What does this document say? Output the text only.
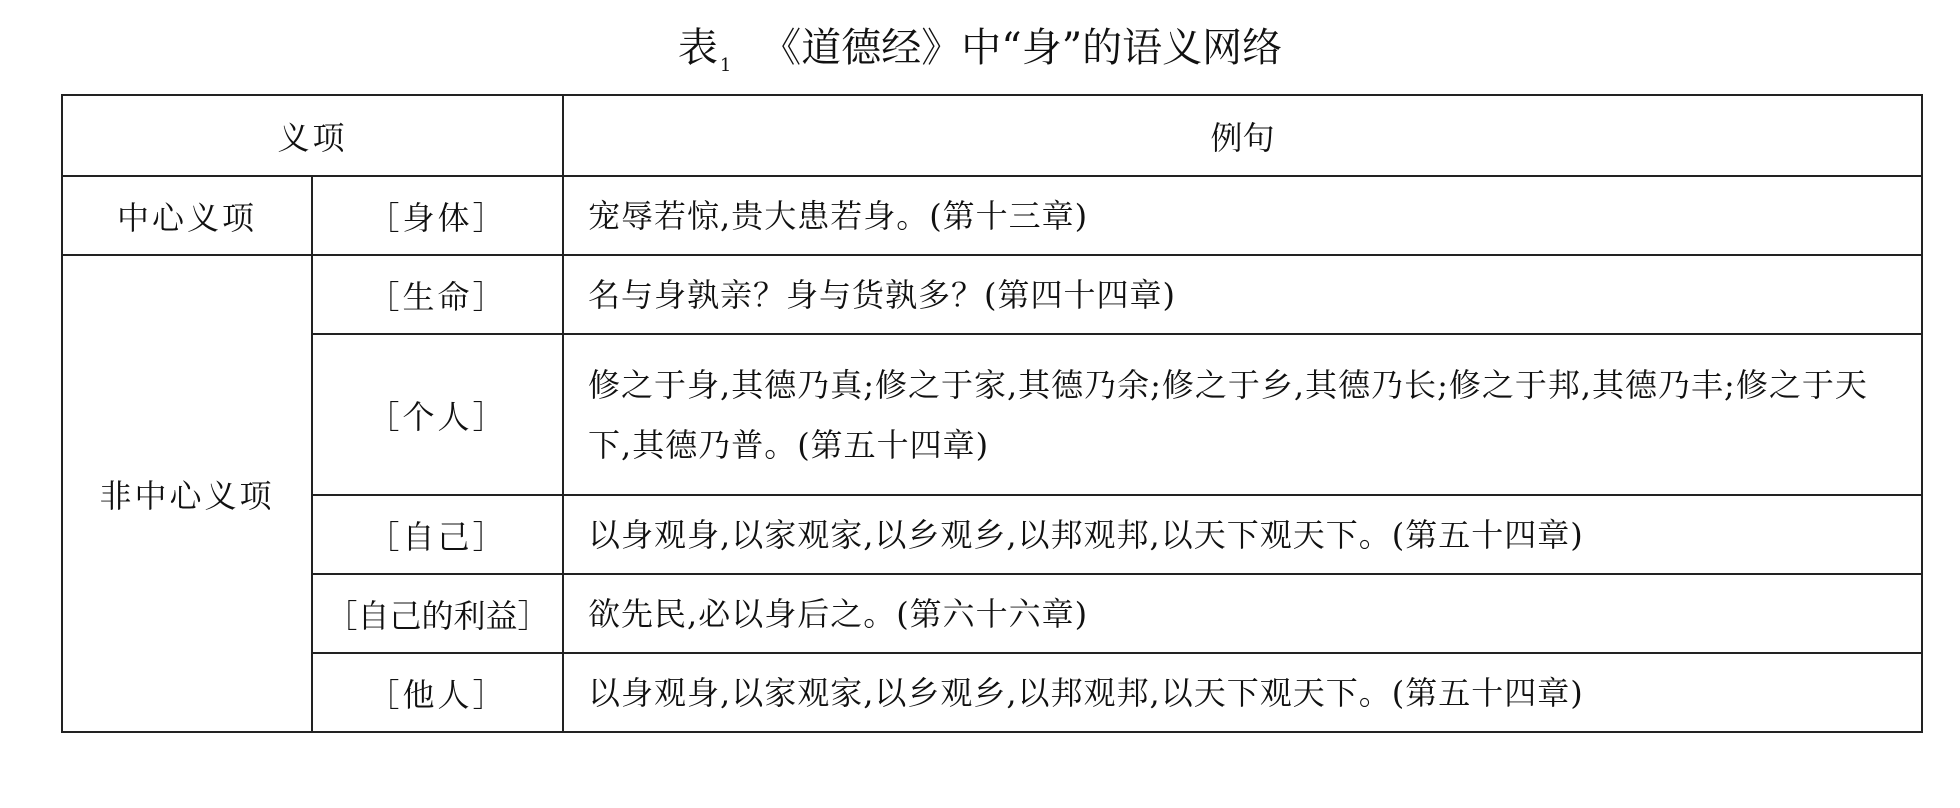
表 $_1$ 《道德经》中“身”的语义网络
义项		例句
中心义项	［身体］	宠辱若惊,贵大患若身。(第十三章)
非中心义项	［生命］	名与身孰亲？身与货孰多？(第四十四章)
	［个人］	修之于身,其德乃真;修之于家,其德乃余;修之于乡,其德乃长;修之于邦,其德乃丰;修之于天下,其德乃普。(第五十四章)
	［自己］	以身观身,以家观家,以乡观乡,以邦观邦,以天下观天下。(第五十四章)
	［自己的利益］	欲先民,必以身后之。(第六十六章)
	［他人］	以身观身,以家观家,以乡观乡,以邦观邦,以天下观天下。(第五十四章)
